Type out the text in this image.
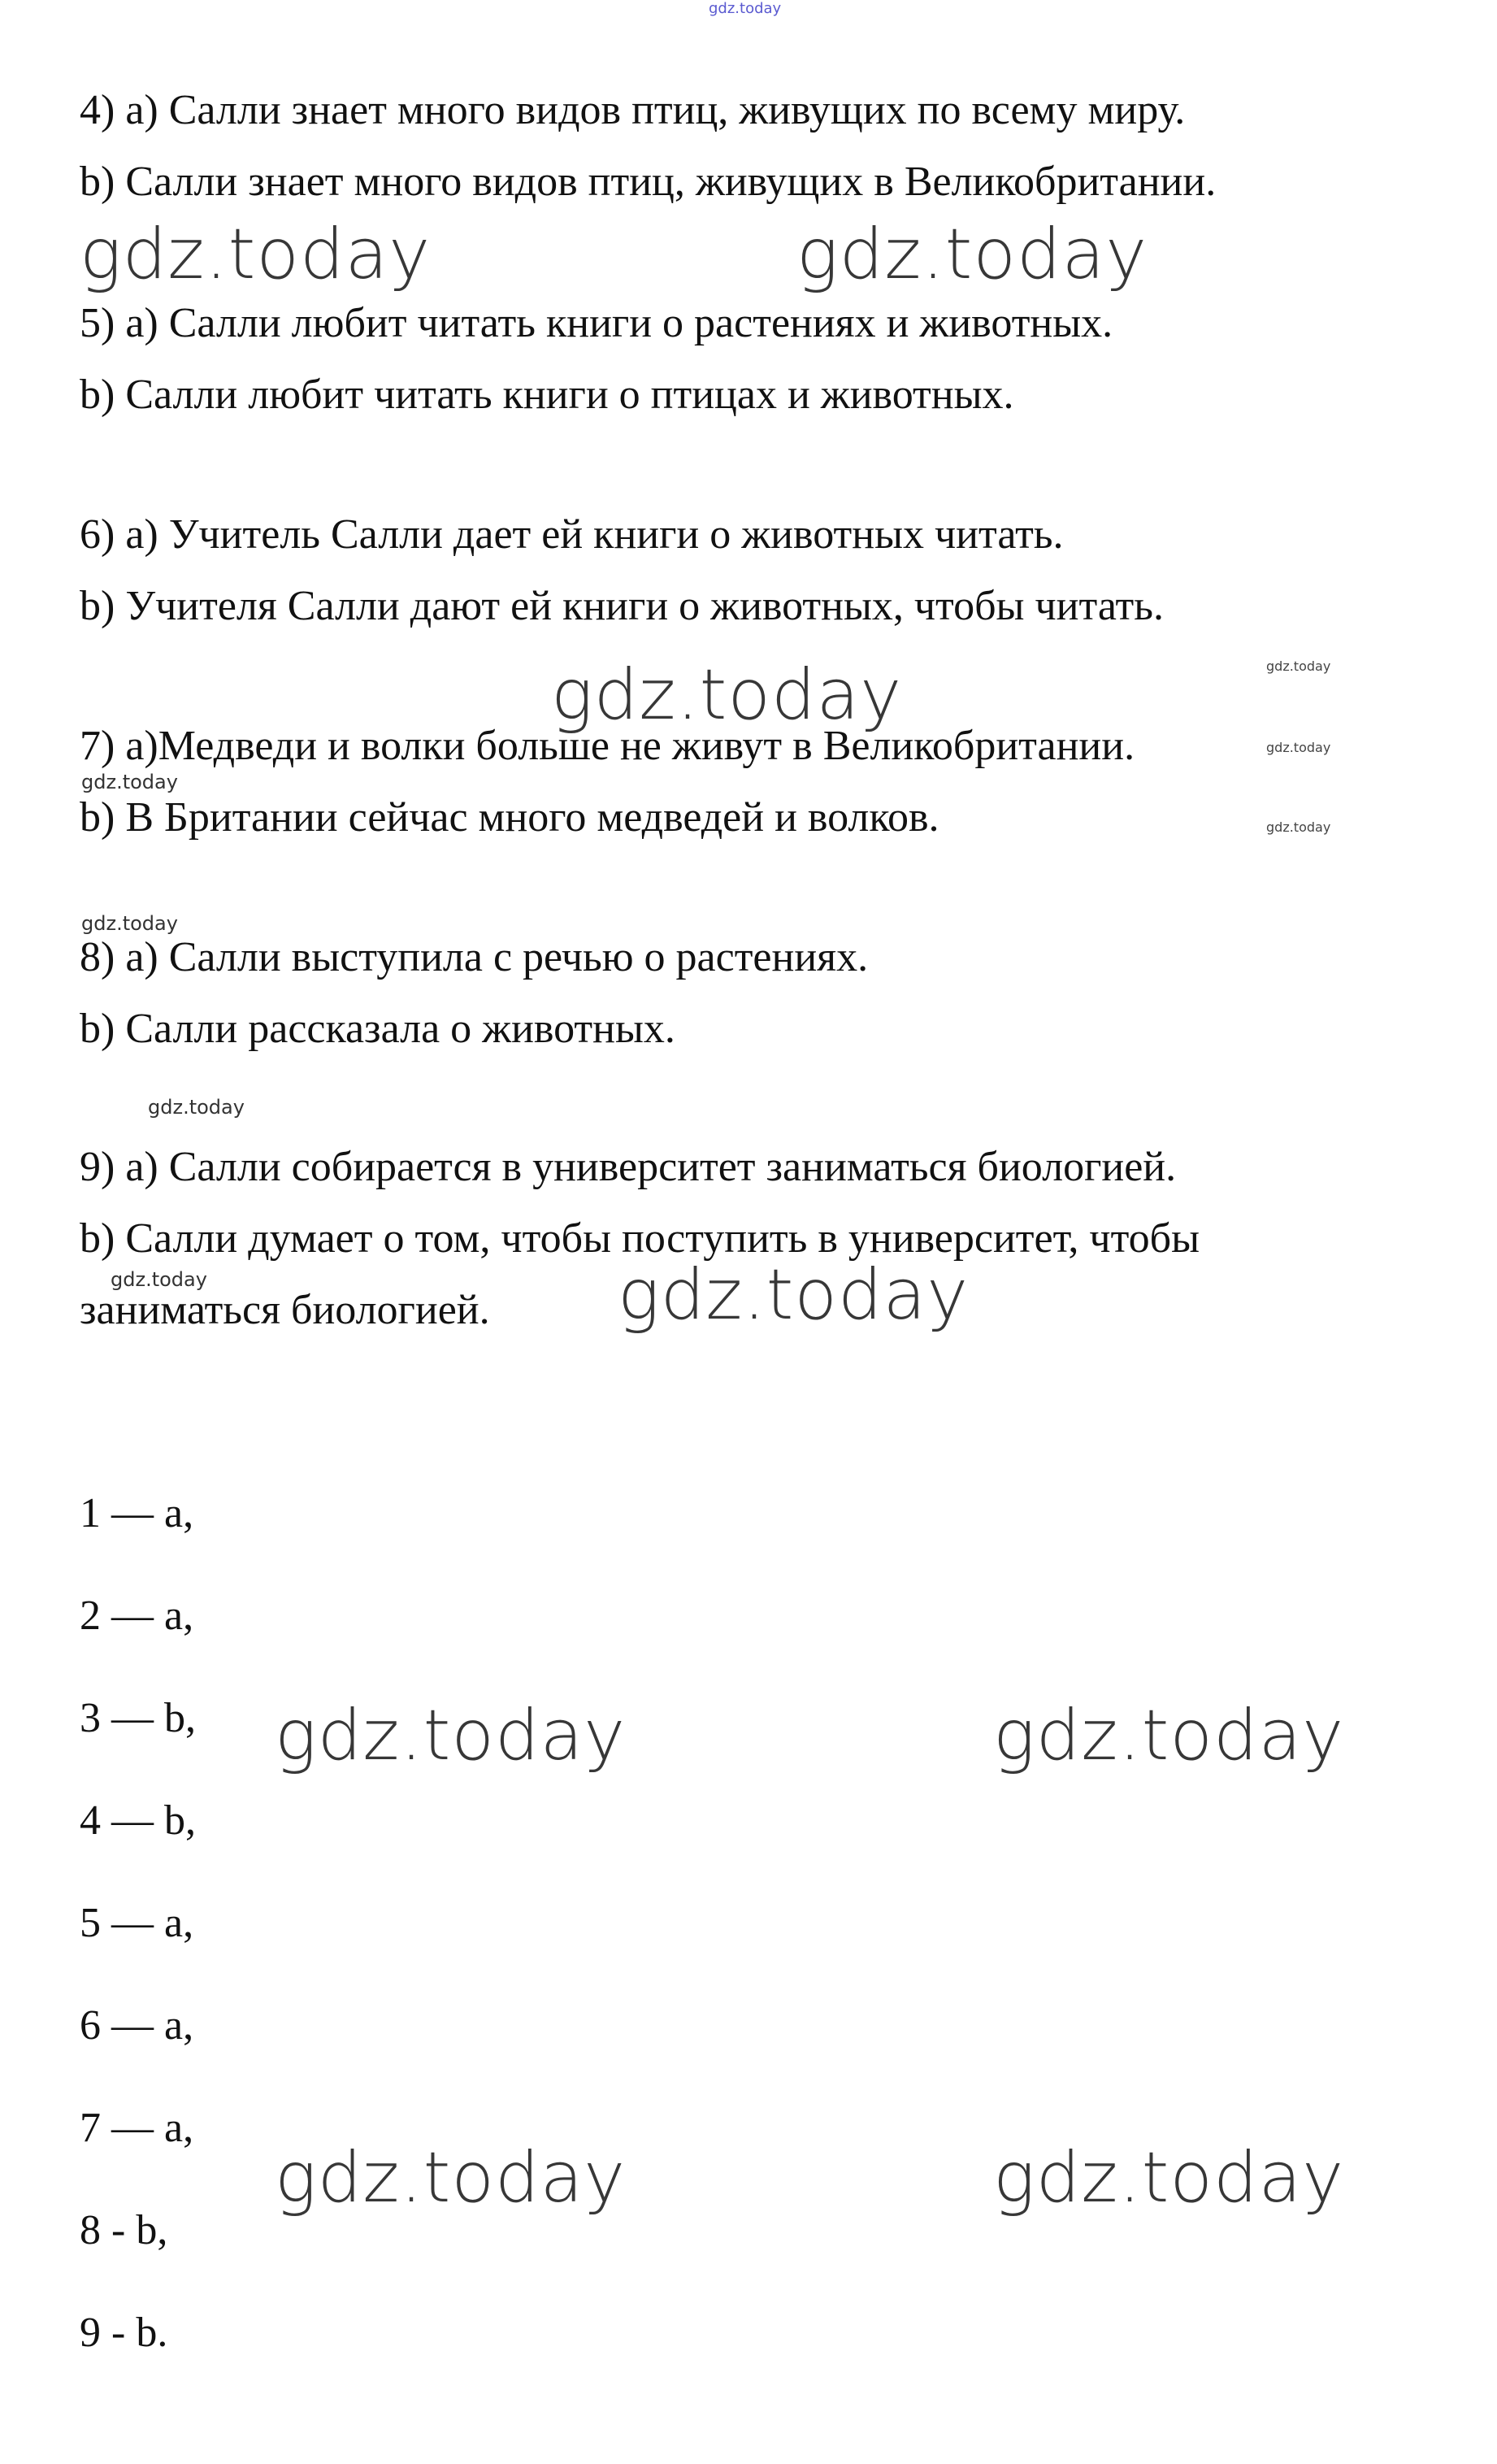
gdz.today
4) a) Салли знает много видов птиц, живущих по всему миру.
b) Салли знает много видов птиц, живущих в Великобритании.
gdz.today	gdz.today
5) a) Салли любит читать книги о растениях и животных.
b) Салли любит читать книги о птицах и животных.
6) a) Учитель Салли дает ей книги о животных читать.
b) Учителя Салли дают ей книги о животных, чтобы читать.
gdz.today	gdz.today
7) a)Медведи и волки больше не живут в Великобритании.	gdz.today
gdz.today
b) В Британии сейчас много медведей и волков.	gdz.today
gdz.today
8) a) Салли выступила с речью о растениях.
b) Салли рассказала о животных.
gdz.today
9) a) Салли собирается в университет заниматься биологией.
b) Салли думает о том, чтобы поступить в университет, чтобы
gdz.today
заниматься биологией. gdz.today
1 — a,
2 — a,
3 — b, gdz.today	gdz.today
4 — b,
5 — a,
6 — a,
7 — a,
gdz.today	gdz.today
8 - b,
9 - b.
